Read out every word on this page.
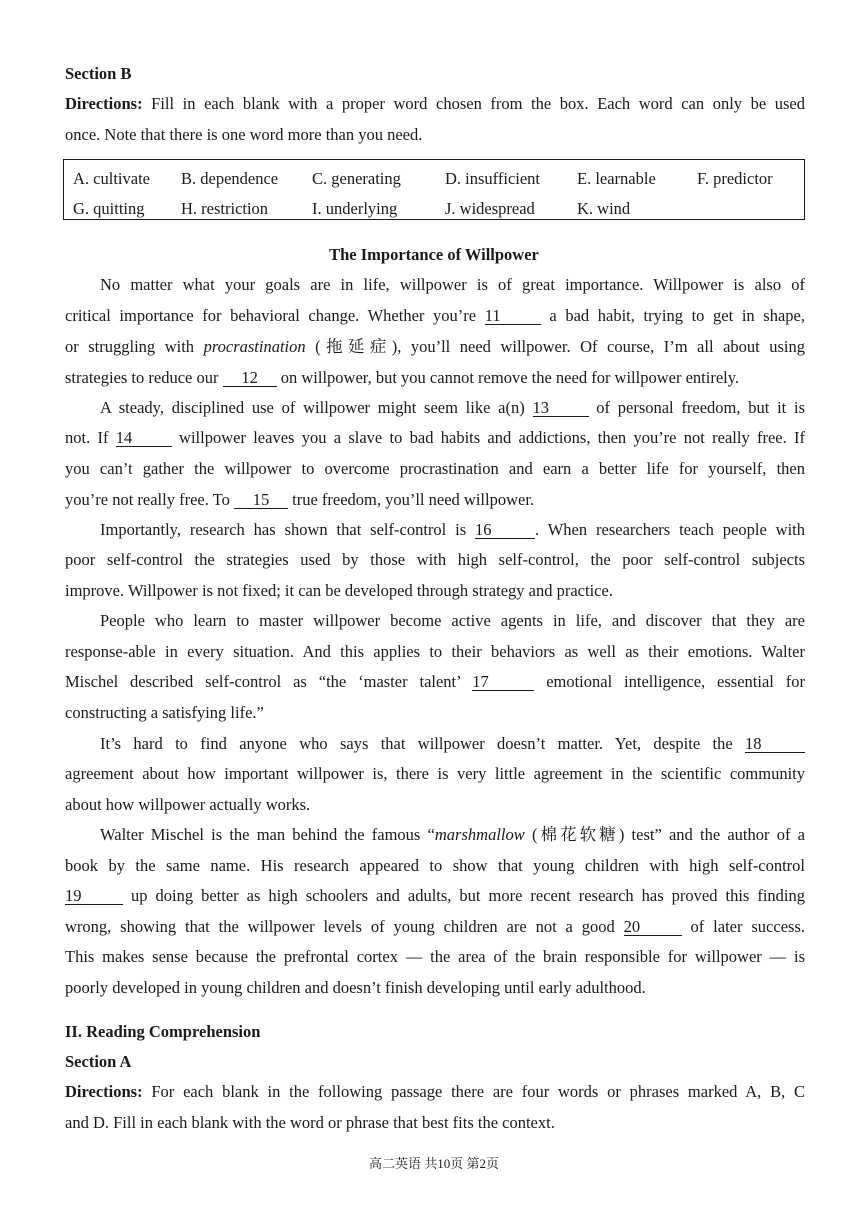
Section B
Directions: Fill in each blank with a proper word chosen from the box. Each word can only be used
once. Note that there is one word more than you need.
A. cultivate B. dependence C. generating	D. insufficient E. learnable F. predictor
G. quitting H. restriction	I. underlying	J. widespread	K. wind
The Importance of Willpower
No matter what your goals are in life, willpower is of great importance. Willpower is also of
critical importance for behavioral change. Whether you’re 11 a bad habit, trying to get in shape,
or struggling with procrastination (拖延症), you’ll need willpower. Of course, I’m all about using
strategies to reduce our 12 on willpower, but you cannot remove the need for willpower entirely.
A steady, disciplined use of willpower might seem like a(n) 13 of personal freedom, but it is
not. If 14 willpower leaves you a slave to bad habits and addictions, then you’re not really free. If
you can’t gather the willpower to overcome procrastination and earn a better life for yourself, then
you’re not really free. To 15 true freedom, you’ll need willpower.
Importantly, research has shown that self-control is 16	. When researchers teach people with
poor self-control the strategies used by those with high self-control, the poor self-control subjects
improve. Willpower is not fixed; it can be developed through strategy and practice.
People who learn to master willpower become active agents in life, and discover that they are
response-able in every situation. And this applies to their behaviors as well as their emotions. Walter
Mischel described self-control as “the ‘master talent’ 17	emotional intelligence, essential for
constructing a satisfying life.”
It’s hard to find anyone who says that willpower doesn’t matter. Yet, despite the 18
agreement about how important willpower is, there is very little agreement in the scientific community
about how willpower actually works.
Walter Mischel is the man behind the famous “marshmallow (棉花软糖) test” and the author of a
book by the same name. His research appeared to show that young children with high self-control
19	up doing better as high schoolers and adults, but more recent research has proved this finding
wrong, showing that the willpower levels of young children are not a good 20	of later success.
This makes sense because the prefrontal cortex — the area of the brain responsible for willpower — is
poorly developed in young children and doesn’t finish developing until early adulthood.
II. Reading Comprehension
Section A
Directions: For each blank in the following passage there are four words or phrases marked A, B, C
and D. Fill in each blank with the word or phrase that best fits the context.
高二英语 共10页 第2页
